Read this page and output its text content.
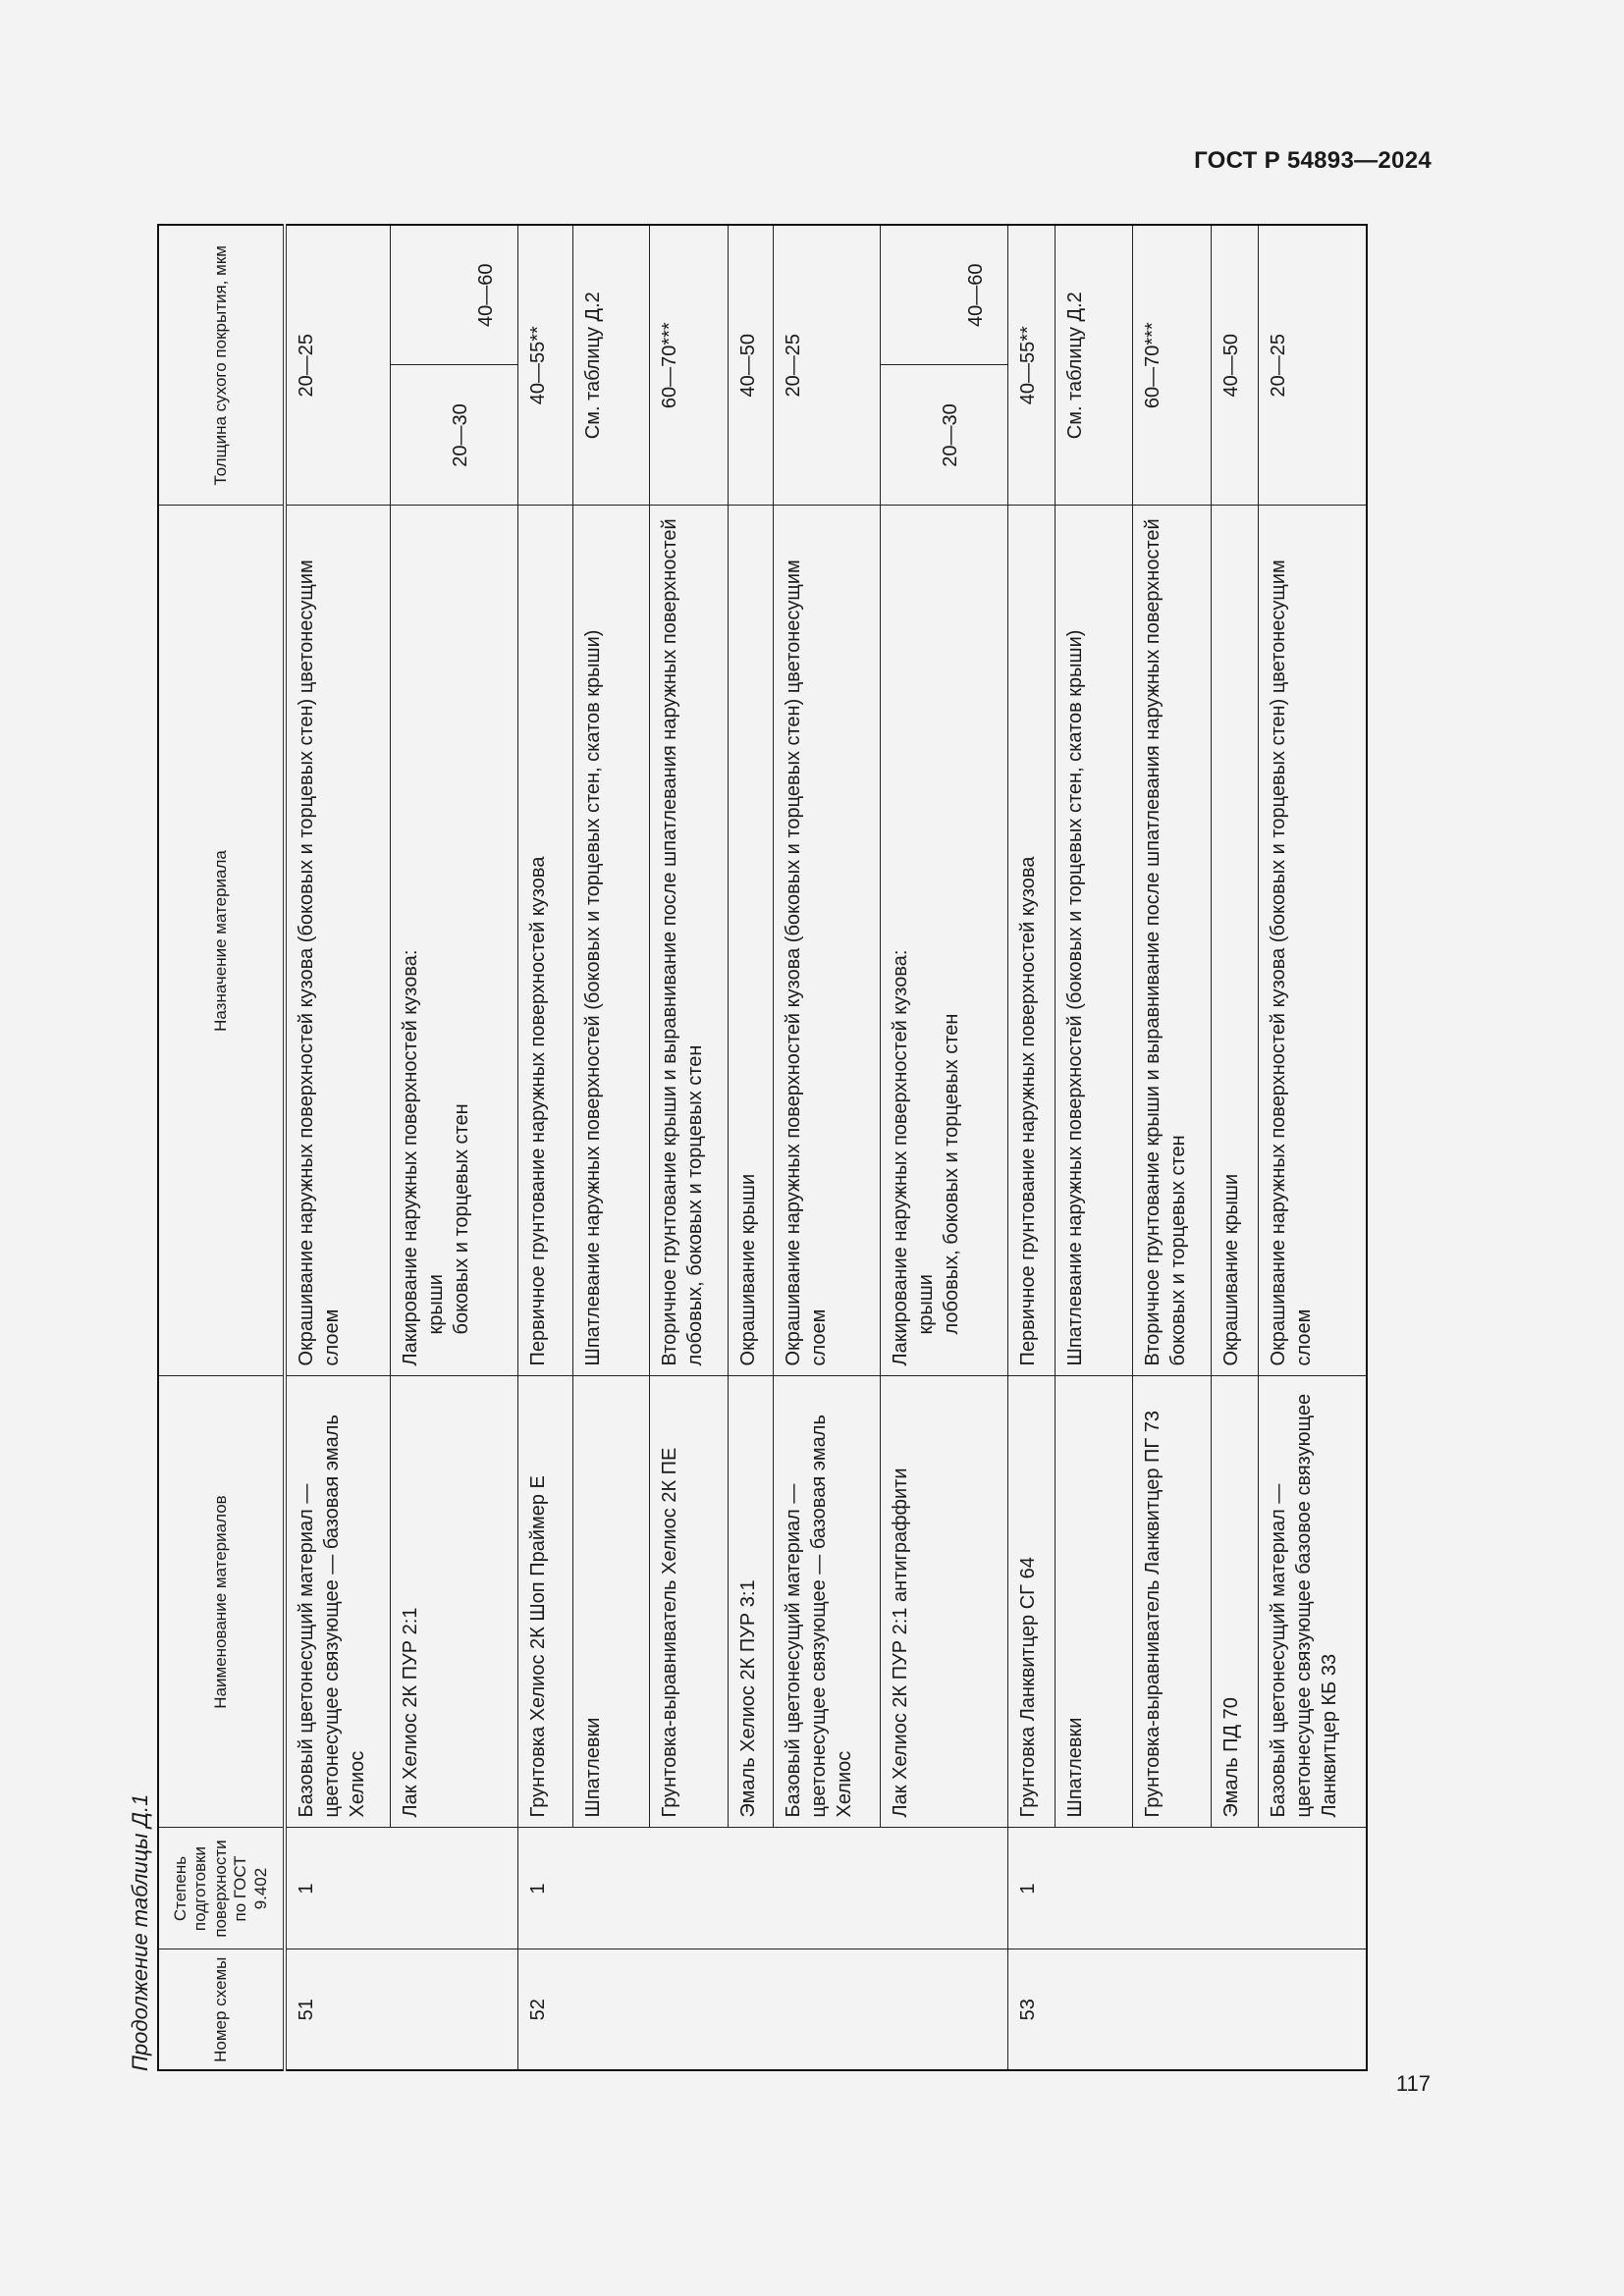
ГОСТ Р 54893—2024
Продолжение таблицы Д.1	Номер схемы	Степень подготовки поверхности по ГОСТ 9.402	Наименование материалов	Назначение материала	Толщина сухого покрытия, мкм	
51	1	Базовый цветонесущий материал — цветонесущее связующее — базовая эмаль Хелиос	Окрашивание наружных поверхностей кузова (боковых и торцевых стен) цветонесущим слоем	20—25	
		Лак Хелиос 2К ПУР 2:1	Лакирование наружных поверхностей кузова: крыши боковых и торцевых стен	20—30	40—60
52	1	Грунтовка Хелиос 2К Шоп Праймер Е	Первичное грунтование наружных поверхностей кузова	40—55**	
		Шпатлевки	Шпатлевание наружных поверхностей (боковых и торцевых стен, скатов крыши)	См. таблицу Д.2	
		Грунтовка-выравниватель Хелиос 2К ПЕ	Вторичное грунтование крыши и выравнивание после шпатлевания наружных поверхностей лобовых, боковых и торцевых стен	60—70***	
		Эмаль Хелиос 2К ПУР 3:1	Окрашивание крыши	40—50	
		Базовый цветонесущий материал — цветонесущее связующее — базовая эмаль Хелиос	Окрашивание наружных поверхностей кузова (боковых и торцевых стен) цветонесущим слоем	20—25	
		Лак Хелиос 2К ПУР 2:1 антиграффити	Лакирование наружных поверхностей кузова: крыши лобовых, боковых и торцевых стен	20—30	40—60
53	1	Грунтовка Ланквитцер СГ 64	Первичное грунтование наружных поверхностей кузова	40—55**	
		Шпатлевки	Шпатлевание наружных поверхностей (боковых и торцевых стен, скатов крыши)	См. таблицу Д.2	
		Грунтовка-выравниватель Ланквитцер ПГ 73	Вторичное грунтование крыши и выравнивание после шпатлевания наружных поверхностей боковых и торцевых стен	60—70***	
		Эмаль ПД 70	Окрашивание крыши	40—50	
		Базовый цветонесущий материал — цветонесущее связующее базовое связующее Ланквитцер КБ 33	Окрашивание наружных поверхностей кузова (боковых и торцевых стен) цветонесущим слоем	20—25	
117
